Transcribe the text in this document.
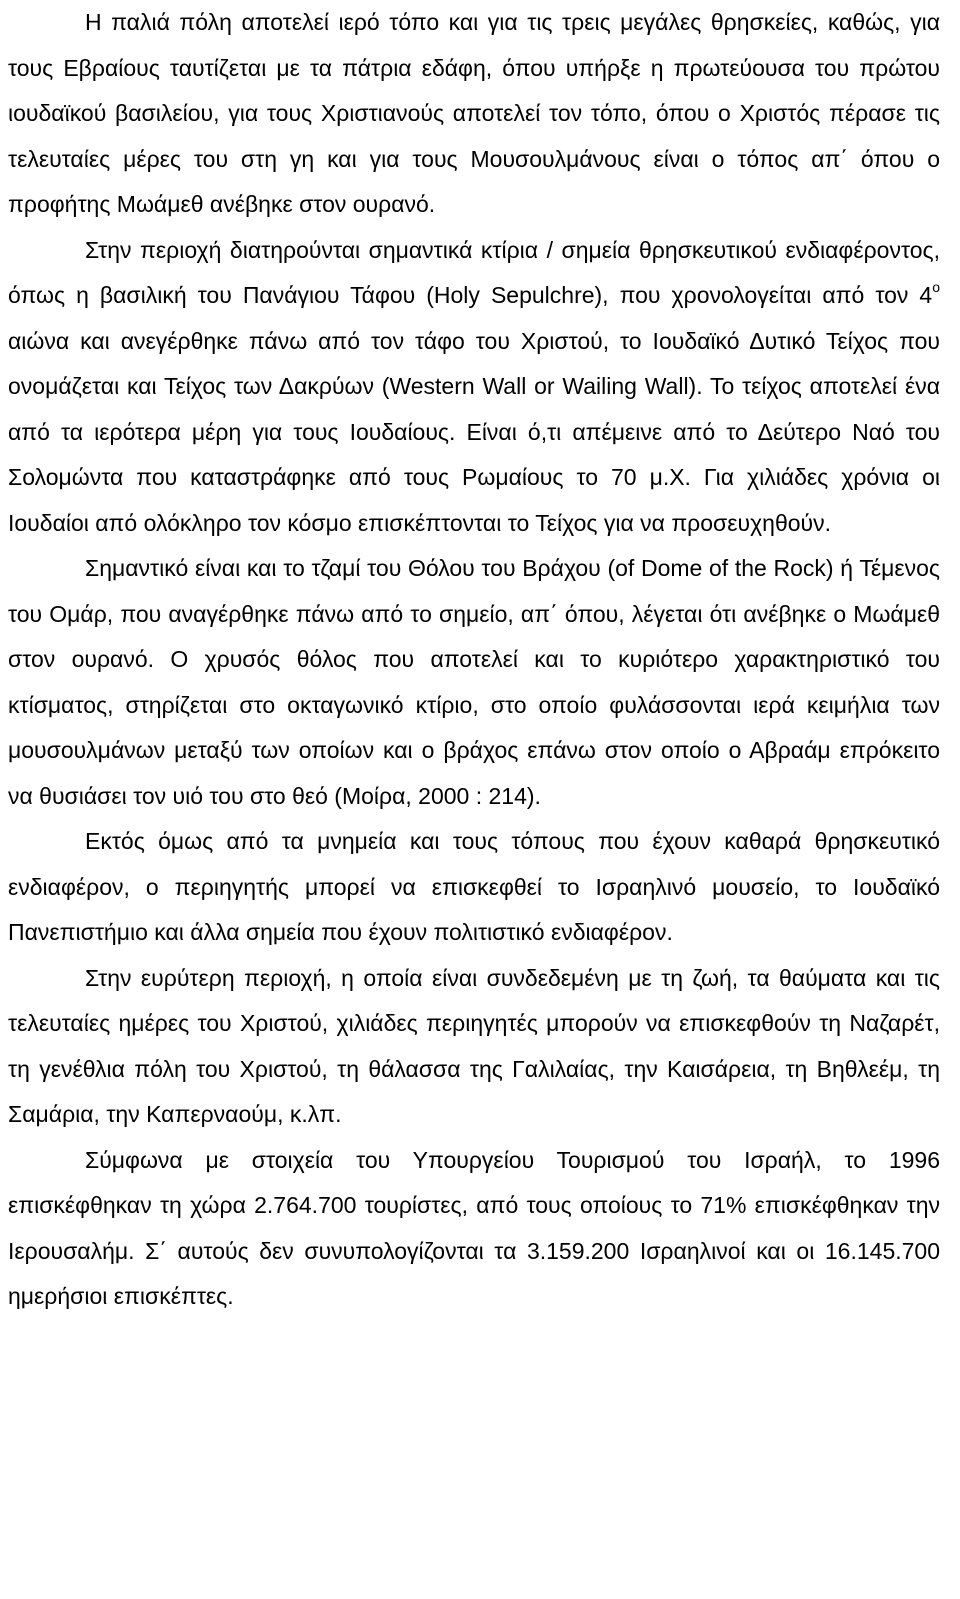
Η παλιά πόλη αποτελεί ιερό τόπο και για τις τρεις μεγάλες θρησκείες, καθώς, για τους Εβραίους ταυτίζεται με τα πάτρια εδάφη, όπου υπήρξε η πρωτεύουσα του πρώτου ιουδαϊκού βασιλείου, για τους Χριστιανούς αποτελεί τον τόπο, όπου ο Χριστός πέρασε τις τελευταίες μέρες του στη γη και για τους Μουσουλμάνους είναι ο τόπος απ΄ όπου ο προφήτης Μωάμεθ ανέβηκε στον ουρανό.

Στην περιοχή διατηρούνται σημαντικά κτίρια / σημεία θρησκευτικού ενδιαφέροντος, όπως η βασιλική του Πανάγιου Τάφου (Holy Sepulchre), που χρονολογείται από τον $4^o$ αιώνα και ανεγέρθηκε πάνω από τον τάφο του Χριστού, το Ιουδαϊκό Δυτικό Τείχος που ονομάζεται και Τείχος των Δακρύων (Western Wall or Wailing Wall). Το τείχος αποτελεί ένα από τα ιερότερα μέρη για τους Ιουδαίους. Είναι ό,τι απέμεινε από το Δεύτερο Ναό του Σολομώντα που καταστράφηκε από τους Ρωμαίους το 70 μ.Χ. Για χιλιάδες χρόνια οι Ιουδαίοι από ολόκληρο τον κόσμο επισκέπτονται το Τείχος για να προσευχηθούν.

Σημαντικό είναι και το τζαμί του Θόλου του Βράχου (of Dome of the Rock) ή Τέμενος του Ομάρ, που αναγέρθηκε πάνω από το σημείο, απ΄ όπου, λέγεται ότι ανέβηκε ο Μωάμεθ στον ουρανό. Ο χρυσός θόλος που αποτελεί και το κυριότερο χαρακτηριστικό του κτίσματος, στηρίζεται στο οκταγωνικό κτίριο, στο οποίο φυλάσσονται ιερά κειμήλια των μουσουλμάνων μεταξύ των οποίων και ο βράχος επάνω στον οποίο ο Αβραάμ επρόκειτο να θυσιάσει τον υιό του στο θεό (Μοίρα, 2000 : 214).

Εκτός όμως από τα μνημεία και τους τόπους που έχουν καθαρά θρησκευτικό ενδιαφέρον, ο περιηγητής μπορεί να επισκεφθεί το Ισραηλινό μουσείο, το Ιουδαϊκό Πανεπιστήμιο και άλλα σημεία που έχουν πολιτιστικό ενδιαφέρον.

Στην ευρύτερη περιοχή, η οποία είναι συνδεδεμένη με τη ζωή, τα θαύματα και τις τελευταίες ημέρες του Χριστού, χιλιάδες περιηγητές μπορούν να επισκεφθούν τη Ναζαρέτ, τη γενέθλια πόλη του Χριστού, τη θάλασσα της Γαλιλαίας, την Καισάρεια, τη Βηθλεέμ, τη Σαμάρια, την Καπερναούμ, κ.λπ.

Σύμφωνα με στοιχεία του Υπουργείου Τουρισμού του Ισραήλ, το 1996 επισκέφθηκαν τη χώρα 2.764.700 τουρίστες, από τους οποίους το 71% επισκέφθηκαν την Ιερουσαλήμ. Σ΄ αυτούς δεν συνυπολογίζονται τα 3.159.200 Ισραηλινοί και οι 16.145.700 ημερήσιοι επισκέπτες.
